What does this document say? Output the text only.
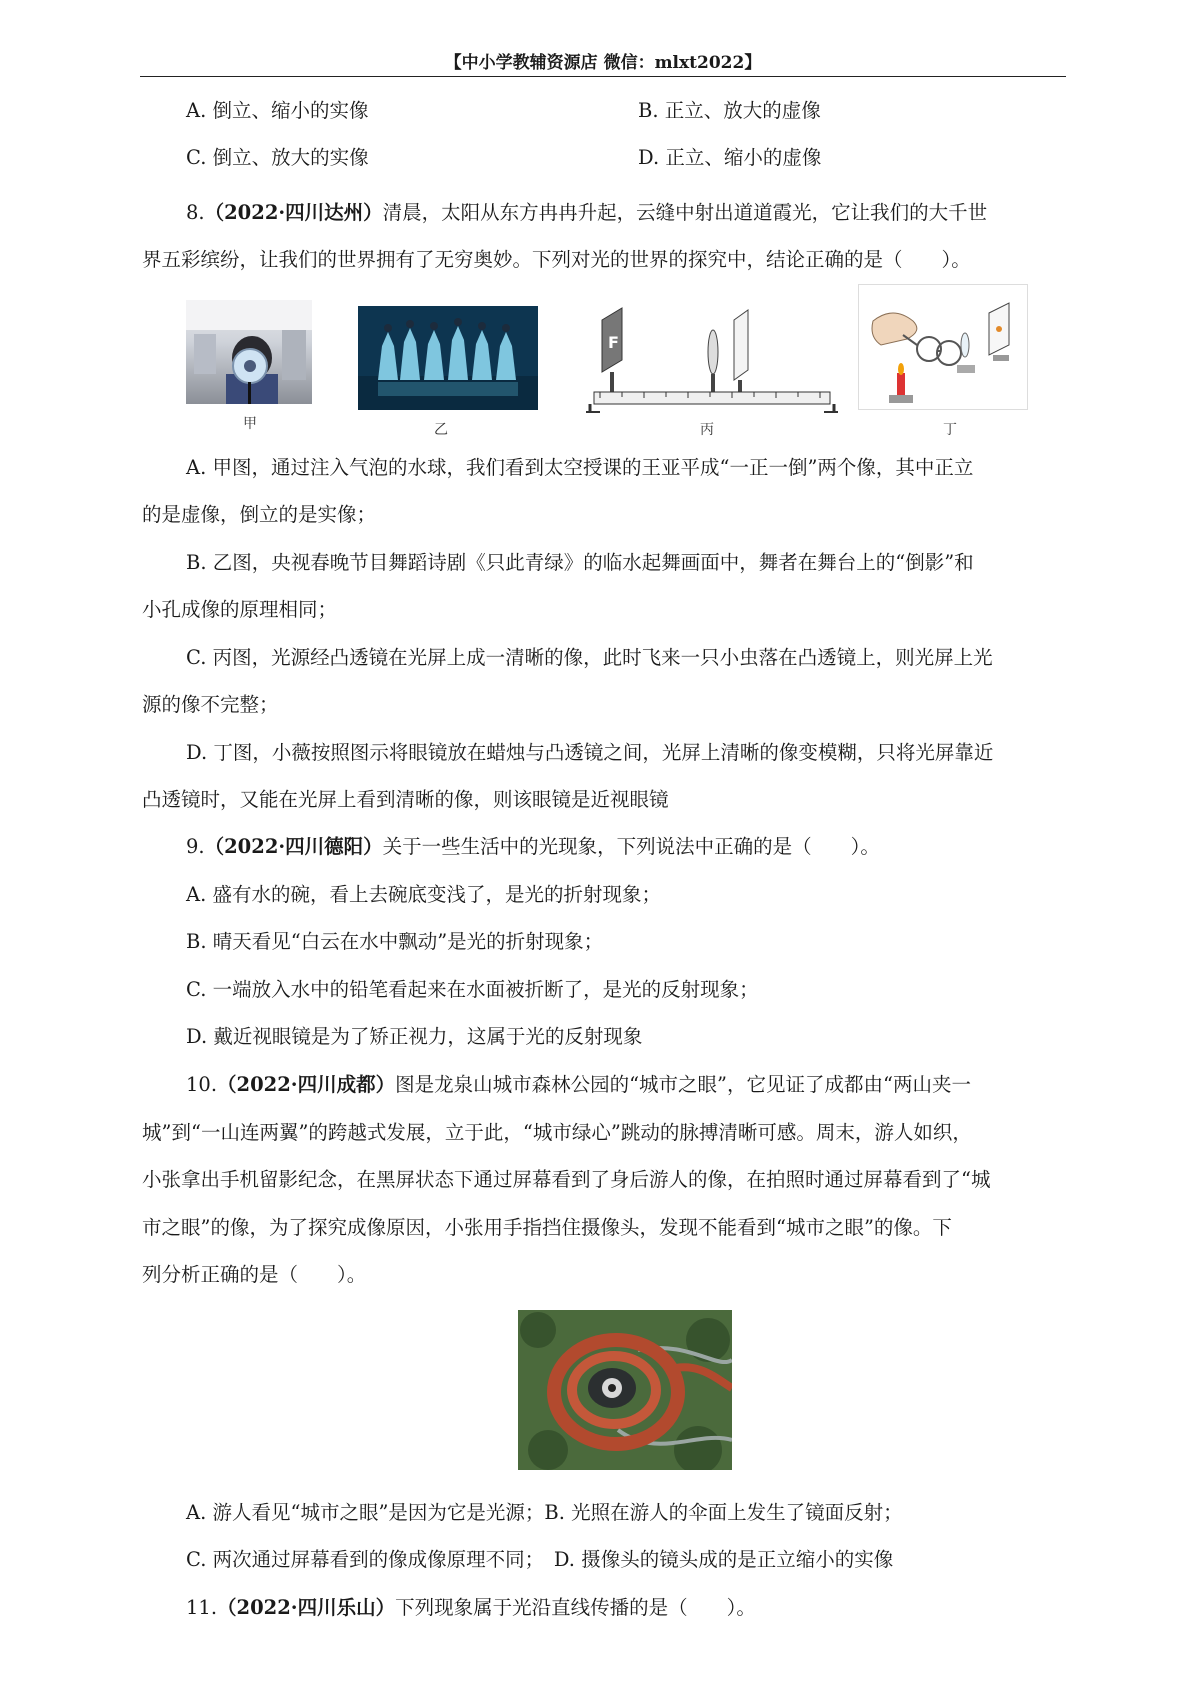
【中小学教辅资源店 微信：mlxt2022】
A. 倒立、缩小的实像	B. 正立、放大的虚像
C. 倒立、放大的实像	D. 正立、缩小的虚像
8.（2022·四川达州）清晨，太阳从东方冉冉升起，云缝中射出道道霞光，它让我们的大千世
界五彩缤纷，让我们的世界拥有了无穷奥妙。下列对光的世界的探究中，结论正确的是（　　）。
甲	乙
F
丙	丁
A. 甲图，通过注入气泡的水球，我们看到太空授课的王亚平成“一正一倒”两个像，其中正立
的是虚像，倒立的是实像；
B. 乙图，央视春晚节目舞蹈诗剧《只此青绿》的临水起舞画面中，舞者在舞台上的“倒影”和
小孔成像的原理相同；
C. 丙图，光源经凸透镜在光屏上成一清晰的像，此时飞来一只小虫落在凸透镜上，则光屏上光
源的像不完整；
D. 丁图，小薇按照图示将眼镜放在蜡烛与凸透镜之间，光屏上清晰的像变模糊，只将光屏靠近
凸透镜时，又能在光屏上看到清晰的像，则该眼镜是近视眼镜
9.（2022·四川德阳）关于一些生活中的光现象，下列说法中正确的是（　　）。
A. 盛有水的碗，看上去碗底变浅了，是光的折射现象；
B. 晴天看见“白云在水中飘动”是光的折射现象；
C. 一端放入水中的铅笔看起来在水面被折断了，是光的反射现象；
D. 戴近视眼镜是为了矫正视力，这属于光的反射现象
10.（2022·四川成都）图是龙泉山城市森林公园的“城市之眼”，它见证了成都由“两山夹一
城”到“一山连两翼”的跨越式发展，立于此，“城市绿心”跳动的脉搏清晰可感。周末，游人如织，
小张拿出手机留影纪念，在黑屏状态下通过屏幕看到了身后游人的像，在拍照时通过屏幕看到了“城
市之眼”的像，为了探究成像原因，小张用手指挡住摄像头，发现不能看到“城市之眼”的像。下
列分析正确的是（　　）。
A. 游人看见“城市之眼”是因为它是光源；B. 光照在游人的伞面上发生了镜面反射；
C. 两次通过屏幕看到的像成像原理不同；　D. 摄像头的镜头成的是正立缩小的实像
11.（2022·四川乐山）下列现象属于光沿直线传播的是（　　）。
